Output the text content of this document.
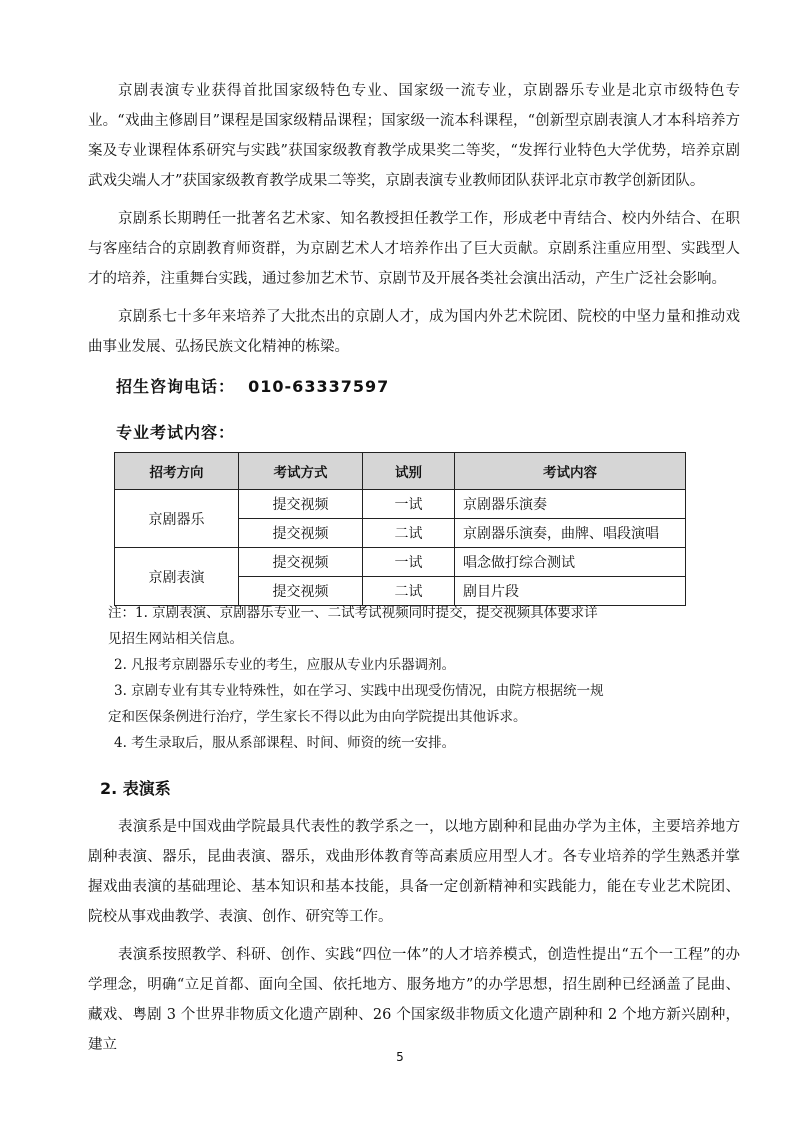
京剧表演专业获得首批国家级特色专业、国家级一流专业，京剧器乐专业是北京市级特色专业。“戏曲主修剧目”课程是国家级精品课程；国家级一流本科课程，“创新型京剧表演人才本科培养方案及专业课程体系研究与实践”获国家级教育教学成果奖二等奖，“发挥行业特色大学优势，培养京剧武戏尖端人才”获国家级教育教学成果二等奖，京剧表演专业教师团队获评北京市教学创新团队。

京剧系长期聘任一批著名艺术家、知名教授担任教学工作，形成老中青结合、校内外结合、在职与客座结合的京剧教育师资群，为京剧艺术人才培养作出了巨大贡献。京剧系注重应用型、实践型人才的培养，注重舞台实践，通过参加艺术节、京剧节及开展各类社会演出活动，产生广泛社会影响。

京剧系七十多年来培养了大批杰出的京剧人才，成为国内外艺术院团、院校的中坚力量和推动戏曲事业发展、弘扬民族文化精神的栋梁。

招生咨询电话：  010-63337597

专业考试内容：

招考方向	考试方式	试别	考试内容
京剧器乐	提交视频	一试	京剧器乐演奏
	提交视频	二试	京剧器乐演奏，曲牌、唱段演唱
京剧表演	提交视频	一试	唱念做打综合测试
	提交视频	二试	剧目片段

注：1. 京剧表演、京剧器乐专业一、二试考试视频同时提交，提交视频具体要求详

见招生网站相关信息。

2. 凡报考京剧器乐专业的考生，应服从专业内乐器调剂。

3. 京剧专业有其专业特殊性，如在学习、实践中出现受伤情况，由院方根据统一规

定和医保条例进行治疗，学生家长不得以此为由向学院提出其他诉求。

4. 考生录取后，服从系部课程、时间、师资的统一安排。

2. 表演系

表演系是中国戏曲学院最具代表性的教学系之一，以地方剧种和昆曲办学为主体，主要培养地方剧种表演、器乐，昆曲表演、器乐，戏曲形体教育等高素质应用型人才。各专业培养的学生熟悉并掌握戏曲表演的基础理论、基本知识和基本技能，具备一定创新精神和实践能力，能在专业艺术院团、院校从事戏曲教学、表演、创作、研究等工作。

表演系按照教学、科研、创作、实践“四位一体”的人才培养模式，创造性提出“五个一工程”的办学理念，明确“立足首都、面向全国、依托地方、服务地方”的办学思想，招生剧种已经涵盖了昆曲、藏戏、粤剧 3 个世界非物质文化遗产剧种、26 个国家级非物质文化遗产剧种和 2 个地方新兴剧种，建立

5
